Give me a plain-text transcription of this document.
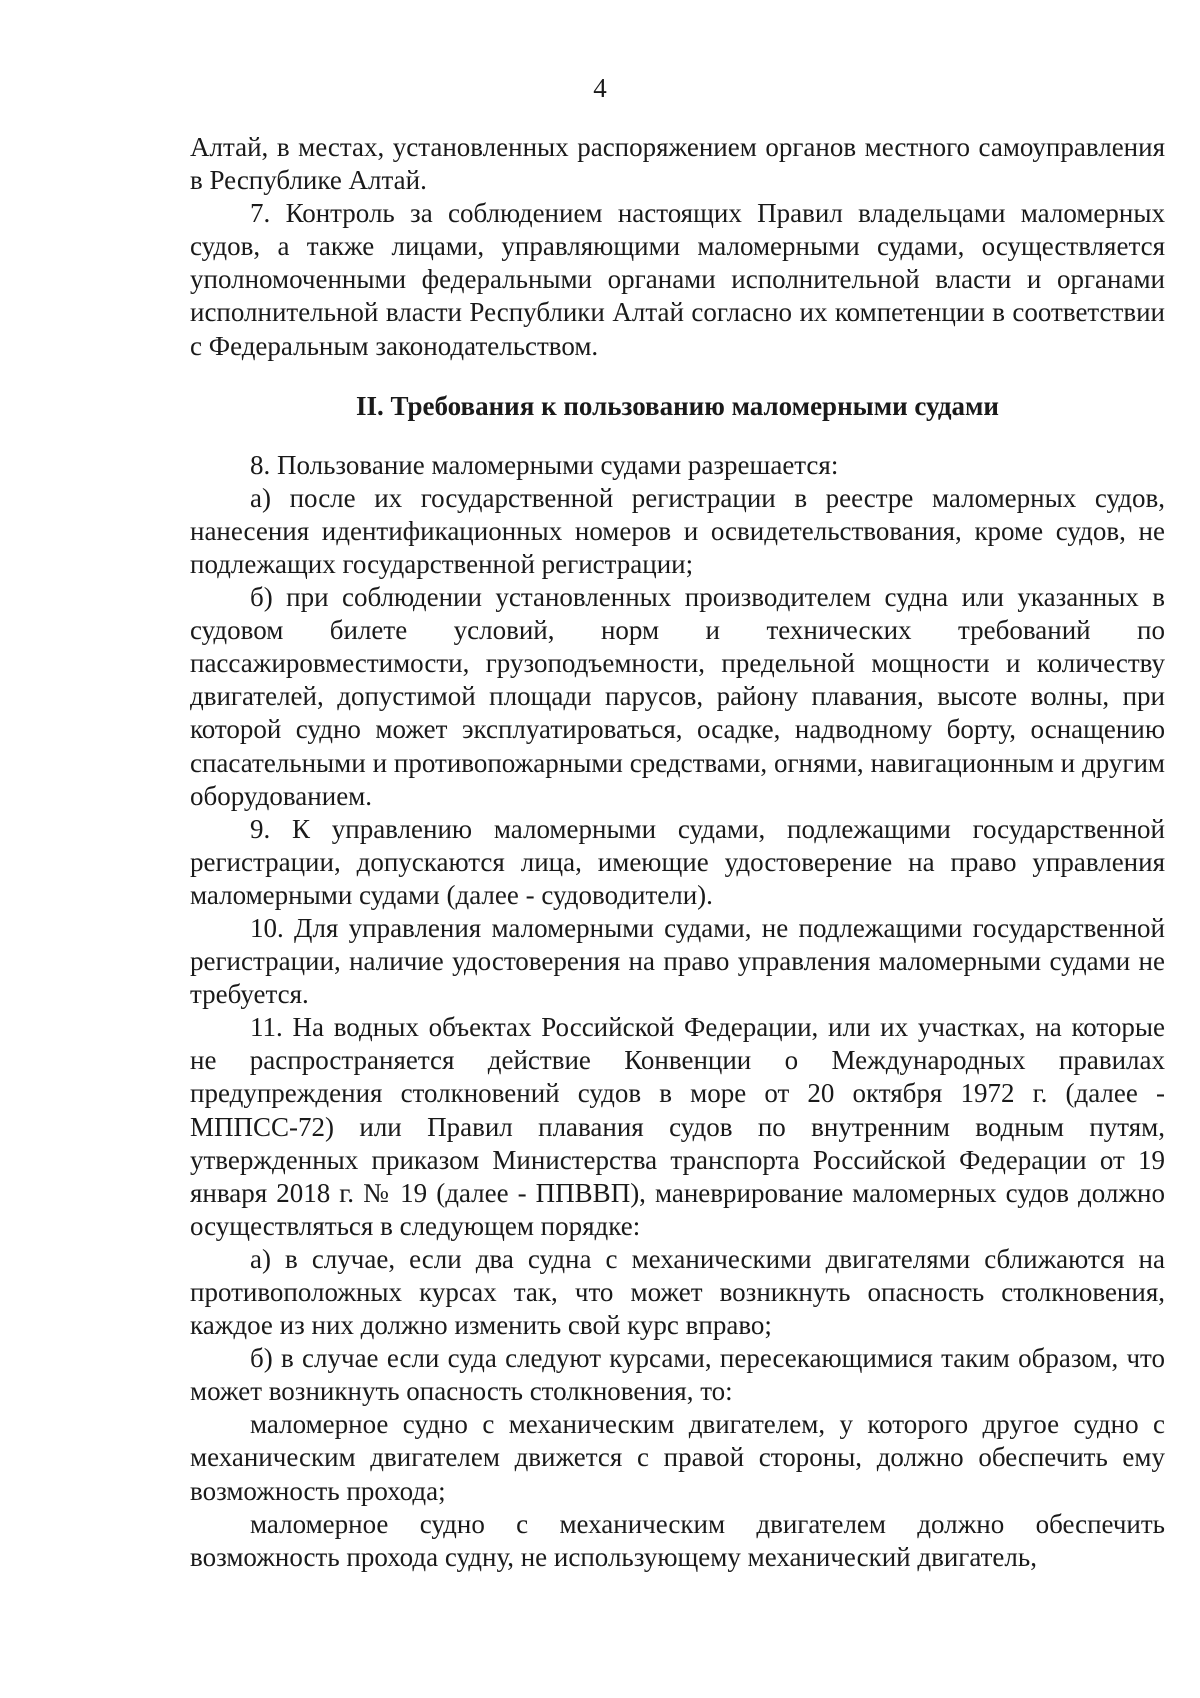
4

Алтай, в местах, установленных распоряжением органов местного самоуправления в Республике Алтай.

7. Контроль за соблюдением настоящих Правил владельцами маломерных судов, а также лицами, управляющими маломерными судами, осуществляется уполномоченными федеральными органами исполнительной власти и органами исполнительной власти Республики Алтай согласно их компетенции в соответствии с Федеральным законодательством.

II. Требования к пользованию маломерными судами

8. Пользование маломерными судами разрешается:

а) после их государственной регистрации в реестре маломерных судов, нанесения идентификационных номеров и освидетельствования, кроме судов, не подлежащих государственной регистрации;

б) при соблюдении установленных производителем судна или указанных в судовом билете условий, норм и технических требований по пассажировместимости, грузоподъемности, предельной мощности и количеству двигателей, допустимой площади парусов, району плавания, высоте волны, при которой судно может эксплуатироваться, осадке, надводному борту, оснащению спасательными и противопожарными средствами, огнями, навигационным и другим оборудованием.

9. К управлению маломерными судами, подлежащими государственной регистрации, допускаются лица, имеющие удостоверение на право управления маломерными судами (далее - судоводители).

10. Для управления маломерными судами, не подлежащими государственной регистрации, наличие удостоверения на право управления маломерными судами не требуется.

11. На водных объектах Российской Федерации, или их участках, на которые не распространяется действие Конвенции о Международных правилах предупреждения столкновений судов в море от 20 октября 1972 г. (далее - МППСС-72) или Правил плавания судов по внутренним водным путям, утвержденных приказом Министерства транспорта Российской Федерации от 19 января 2018 г. № 19 (далее - ППВВП), маневрирование маломерных судов должно осуществляться в следующем порядке:

а) в случае, если два судна с механическими двигателями сближаются на противоположных курсах так, что может возникнуть опасность столкновения, каждое из них должно изменить свой курс вправо;

б) в случае если суда следуют курсами, пересекающимися таким образом, что может возникнуть опасность столкновения, то:

маломерное судно с механическим двигателем, у которого другое судно с механическим двигателем движется с правой стороны, должно обеспечить ему возможность прохода;

маломерное судно с механическим двигателем должно обеспечить возможность прохода судну, не использующему механический двигатель,
